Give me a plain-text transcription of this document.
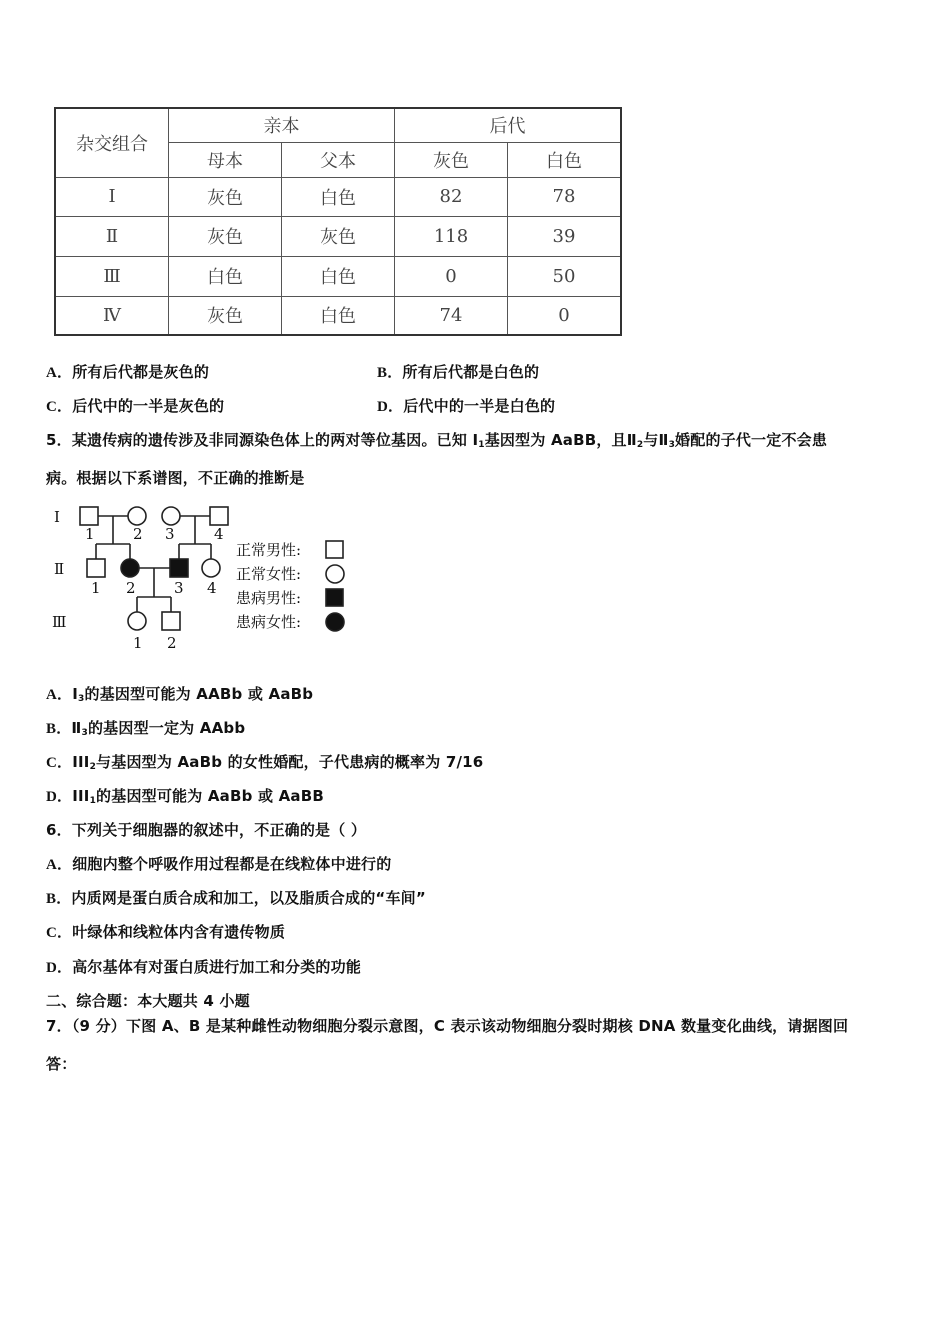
杂交组合	亲本		后代	
	母本	父本	灰色	白色
Ⅰ	灰色	白色	82	78
Ⅱ	灰色	灰色	118	39
Ⅲ	白色	白色	0	50
Ⅳ	灰色	白色	74	0
A．所有后代都是灰色的	B．所有后代都是白色的
C．后代中的一半是灰色的	D．后代中的一半是白色的
5．某遗传病的遗传涉及非同源染色体上的两对等位基因。已知 $I_1$基因型为 AaBB，且$Ⅱ_2$与$Ⅱ_3$婚配的子代一定不会患
病。根据以下系谱图，不正确的推断是
Ⅰ
Ⅱ
Ⅲ
1	2 3	4
1 2	3 4
1 2
正常男性:
正常女性:
患病男性:
患病女性:
A．$Ⅰ_3$的基因型可能为 AABb 或 AaBb
B．$Ⅱ_3$的基因型一定为 AAbb
C．$III_2$与基因型为 AaBb 的女性婚配，子代患病的概率为 7/16
D．$III_1$的基因型可能为 AaBb 或 AaBB
6．下列关于细胞器的叙述中，不正确的是（ ）
A．细胞内整个呼吸作用过程都是在线粒体中进行的
B．内质网是蛋白质合成和加工，以及脂质合成的“车间”
C．叶绿体和线粒体内含有遗传物质
D．高尔基体有对蛋白质进行加工和分类的功能
二、综合题：本大题共 4 小题
7．（9 分）下图 A、B 是某种雌性动物细胞分裂示意图，C 表示该动物细胞分裂时期核 DNA 数量变化曲线，请据图回
答：
